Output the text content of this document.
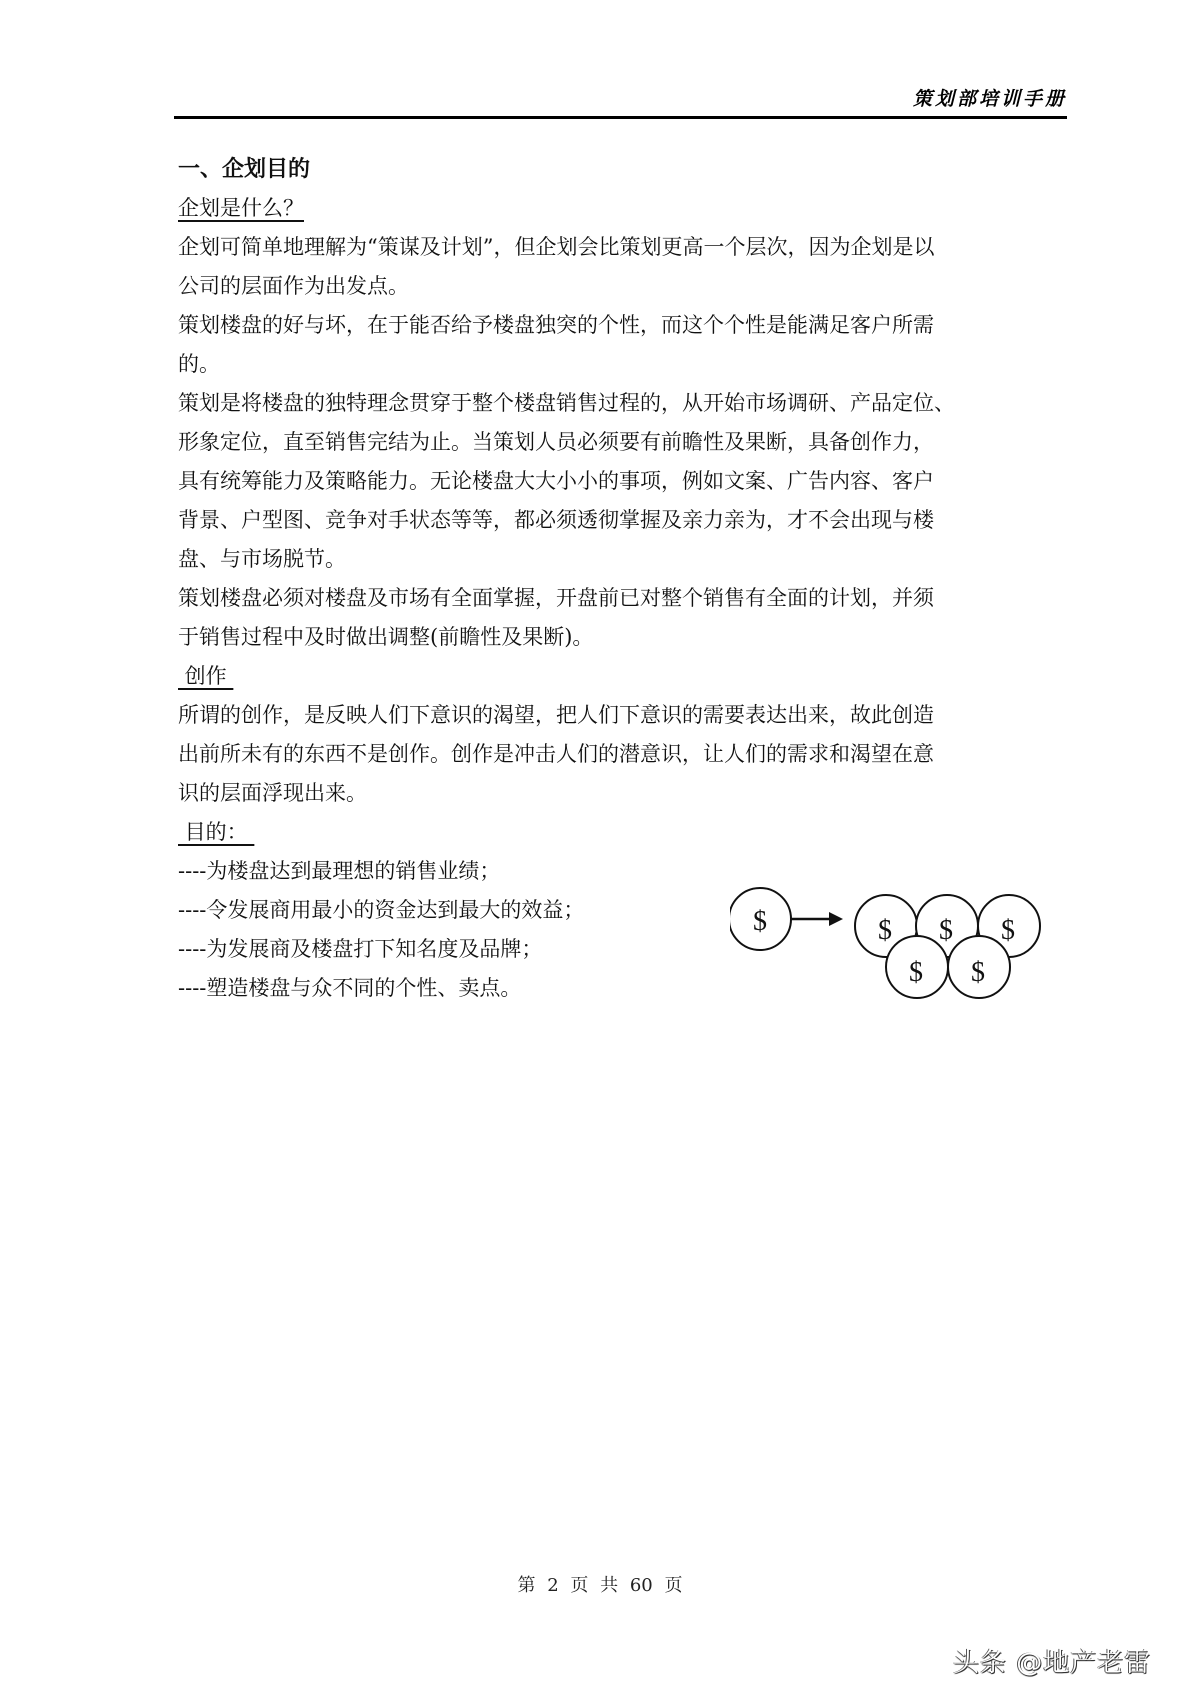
策划部培训手册
一、企划目的
企划是什么？
企划可简单地理解为“策谋及计划”，但企划会比策划更高一个层次，因为企划是以
公司的层面作为出发点。
策划楼盘的好与坏，在于能否给予楼盘独突的个性，而这个个性是能满足客户所需
的。
策划是将楼盘的独特理念贯穿于整个楼盘销售过程的，从开始市场调研、产品定位、
形象定位，直至销售完结为止。当策划人员必须要有前瞻性及果断，具备创作力，
具有统筹能力及策略能力。无论楼盘大大小小的事项，例如文案、广告内容、客户
背景、户型图、竞争对手状态等等，都必须透彻掌握及亲力亲为，才不会出现与楼
盘、与市场脱节。
策划楼盘必须对楼盘及市场有全面掌握，开盘前已对整个销售有全面的计划，并须
于销售过程中及时做出调整(前瞻性及果断)。
创作
所谓的创作，是反映人们下意识的渴望，把人们下意识的需要表达出来，故此创造
出前所未有的东西不是创作。创作是冲击人们的潜意识，让人们的需求和渴望在意
识的层面浮现出来。
目的：
----为楼盘达到最理想的销售业绩；
----令发展商用最小的资金达到最大的效益；
----为发展商及楼盘打下知名度及品牌；
----塑造楼盘与众不同的个性、卖点。
$	$ $ $
$ $
第 2 页 共 60 页
头条 @地产老雷
